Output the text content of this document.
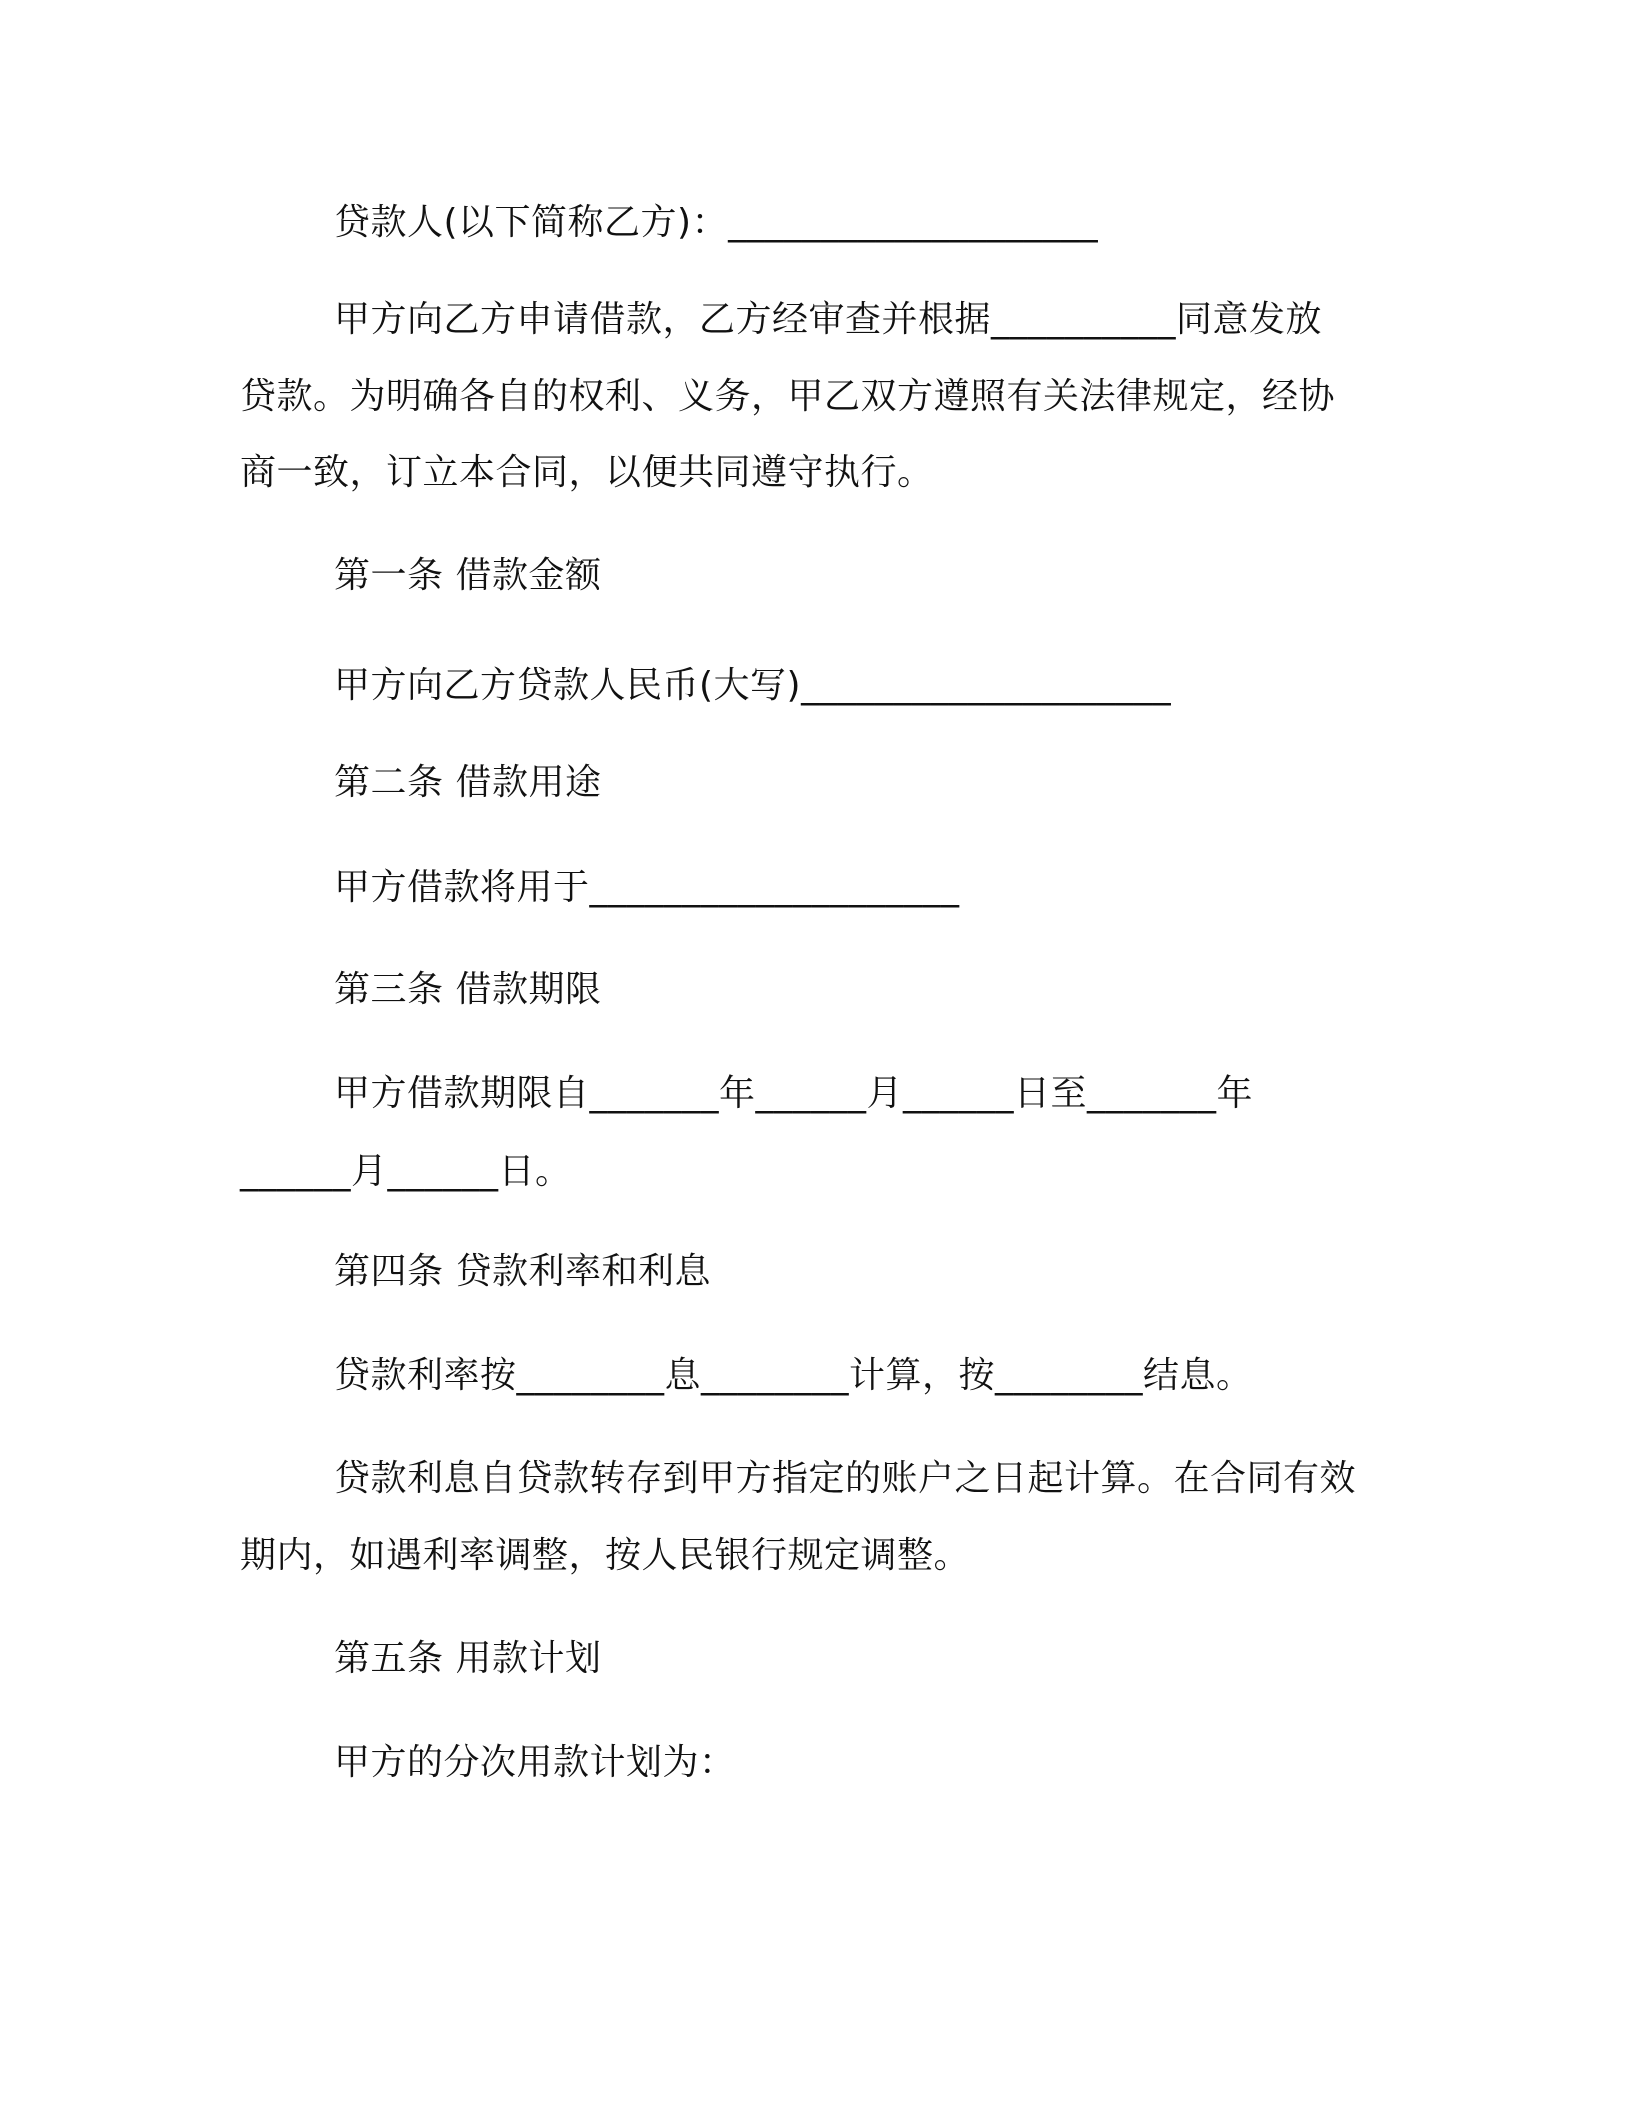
贷款人(以下简称乙方)：____________________
甲方向乙方申请借款，乙方经审查并根据__________同意发放
贷款。为明确各自的权利、义务，甲乙双方遵照有关法律规定，经协
商一致，订立本合同，以便共同遵守执行。
第一条 借款金额
甲方向乙方贷款人民币(大写)____________________
第二条 借款用途
甲方借款将用于____________________
第三条 借款期限
甲方借款期限自_______年______月______日至_______年
______月______日。
第四条 贷款利率和利息
贷款利率按________息________计算，按________结息。
贷款利息自贷款转存到甲方指定的账户之日起计算。在合同有效
期内，如遇利率调整，按人民银行规定调整。
第五条 用款计划
甲方的分次用款计划为：
